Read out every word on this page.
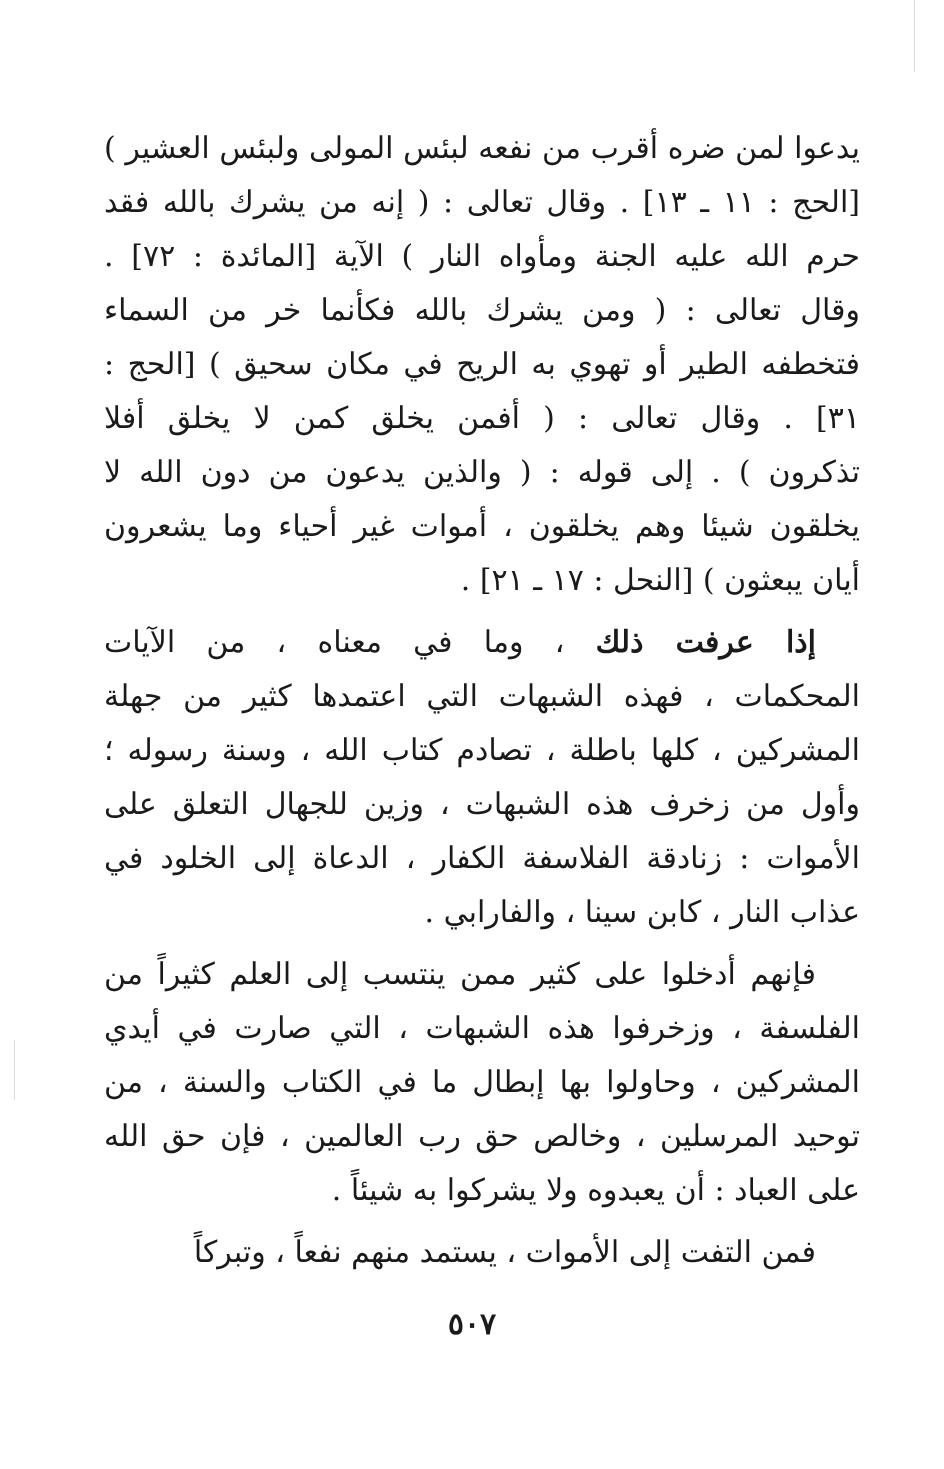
يدعوا لمن ضره أقرب من نفعه لبئس المولى ولبئس العشير )
[الحج : ١١ ـ ١٣] . وقال تعالى : ( إنه من يشرك بالله فقد
حرم الله عليه الجنة ومأواه النار ) الآية [المائدة : ٧٢] .
وقال تعالى : ( ومن يشرك بالله فكأنما خر من السماء
فتخطفه الطير أو تهوي به الريح في مكان سحيق ) [الحج :
٣١] . وقال تعالى : ( أفمن يخلق كمن لا يخلق أفلا
تذكرون ) . إلى قوله : ( والذين يدعون من دون الله لا
يخلقون شيئا وهم يخلقون ، أموات غير أحياء وما يشعرون
أيان يبعثون ) [النحل : ١٧ ـ ٢١] .
إذا عرفت ذلك ، وما في معناه ، من الآيات
المحكمات ، فهذه الشبهات التي اعتمدها كثير من جهلة
المشركين ، كلها باطلة ، تصادم كتاب الله ، وسنة رسوله ؛
وأول من زخرف هذه الشبهات ، وزين للجهال التعلق على
الأموات : زنادقة الفلاسفة الكفار ، الدعاة إلى الخلود في
عذاب النار ، كابن سينا ، والفارابي .
فإنهم أدخلوا على كثير ممن ينتسب إلى العلم كثيراً من
الفلسفة ، وزخرفوا هذه الشبهات ، التي صارت في أيدي
المشركين ، وحاولوا بها إبطال ما في الكتاب والسنة ، من
توحيد المرسلين ، وخالص حق رب العالمين ، فإن حق الله
على العباد : أن يعبدوه ولا يشركوا به شيئاً .
فمن التفت إلى الأموات ، يستمد منهم نفعاً ، وتبركاً
٥٠٧
